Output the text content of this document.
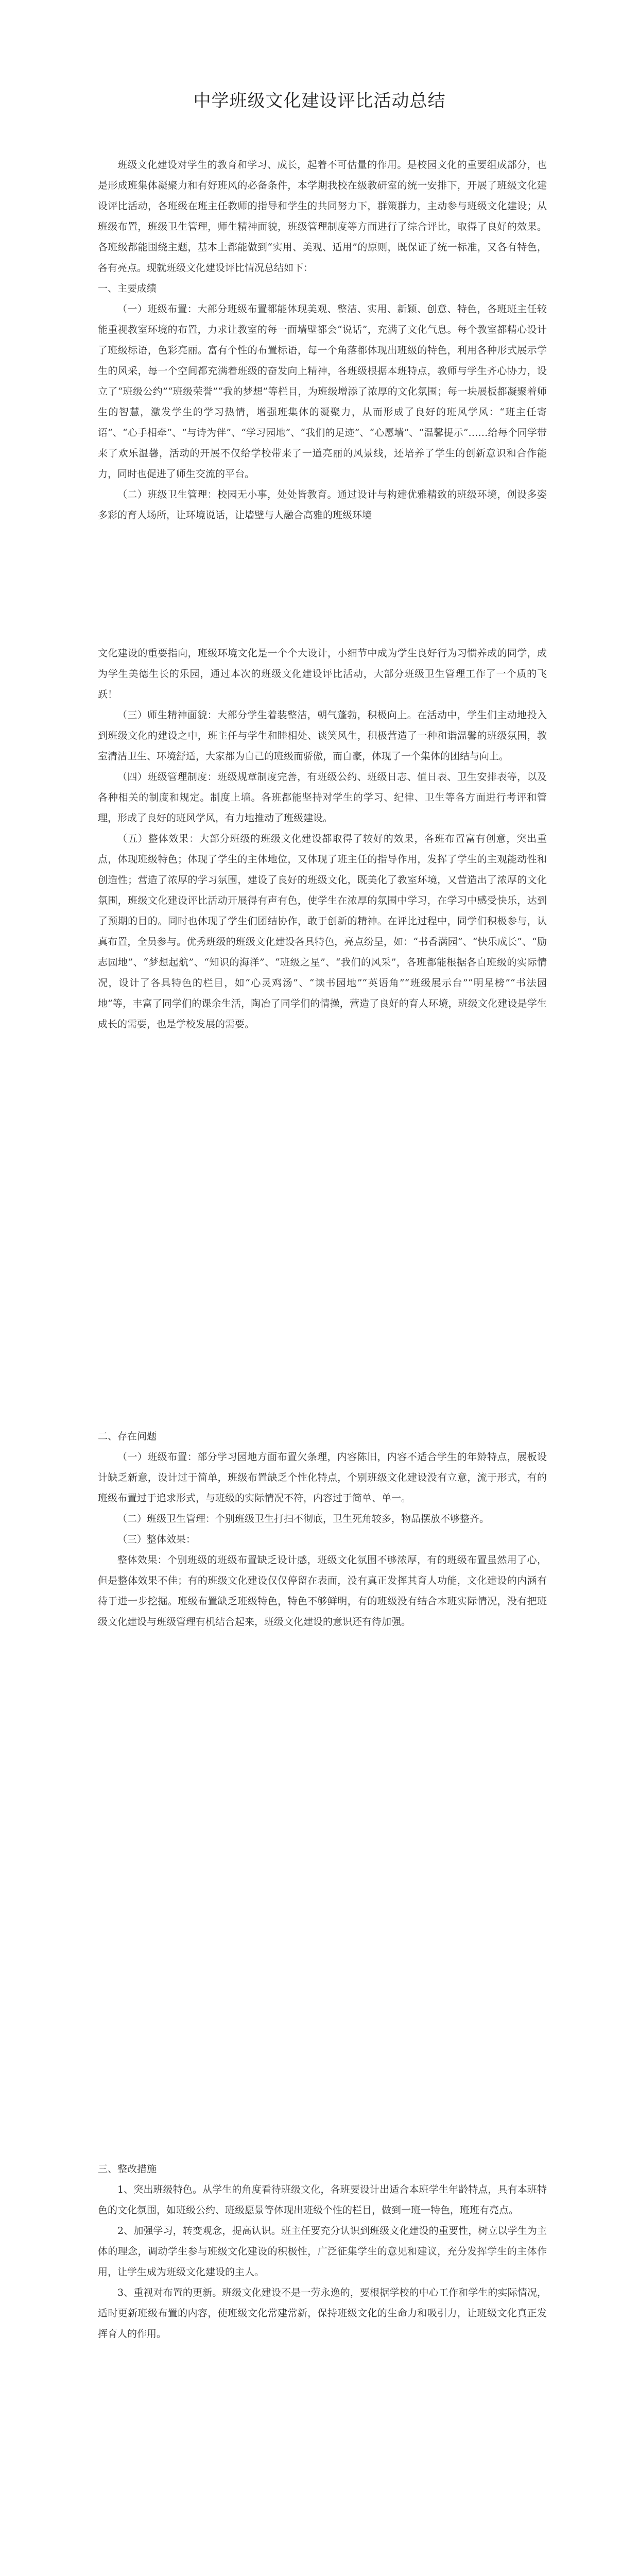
中学班级文化建设评比活动总结

班级文化建设对学生的教育和学习、成长，起着不可估量的作用。是校园文化的重要组成部分，也是形成班集体凝聚力和有好班风的必备条件，本学期我校在级教研室的统一安排下，开展了班级文化建设评比活动，各班级在班主任教师的指导和学生的共同努力下，群策群力，主动参与班级文化建设；从班级布置，班级卫生管理，师生精神面貌，班级管理制度等方面进行了综合评比，取得了良好的效果。各班级都能围绕主题，基本上都能做到“实用、美观、适用”的原则，既保证了统一标准，又各有特色，各有亮点。现就班级文化建设评比情况总结如下：

一、主要成绩

（一）班级布置：大部分班级布置都能体现美观、整洁、实用、新颖、创意、特色，各班班主任较能重视教室环境的布置，力求让教室的每一面墙壁都会“说话”，充满了文化气息。每个教室都精心设计了班级标语，色彩亮丽。富有个性的布置标语，每一个角落都体现出班级的特色，利用各种形式展示学生的风采，每一个空间都充满着班级的奋发向上精神，各班级根据本班特点，教师与学生齐心协力，设立了“班级公约”“班级荣誉”“我的梦想”等栏目，为班级增添了浓厚的文化氛围；每一块展板都凝聚着师生的智慧，激发学生的学习热情，增强班集体的凝聚力，从而形成了良好的班风学风：“班主任寄语”、“心手相牵”、“与诗为伴”、“学习园地”、“我们的足迹”、“心愿墙”、“温馨提示”……给每个同学带来了欢乐温馨，活动的开展不仅给学校带来了一道亮丽的风景线，还培养了学生的创新意识和合作能力，同时也促进了师生交流的平台。

（二）班级卫生管理：校园无小事，处处皆教育。通过设计与构建优雅精致的班级环境，创设多姿多彩的育人场所，让环境说话，让墙壁与人融合高雅的班级环境

文化建设的重要指向，班级环境文化是一个个大设计，小细节中成为学生良好行为习惯养成的同学，成为学生美德生长的乐园，通过本次的班级文化建设评比活动，大部分班级卫生管理工作了一个质的飞跃！

（三）师生精神面貌：大部分学生着装整洁，朝气蓬勃，积极向上。在活动中，学生们主动地投入到班级文化的建设之中，班主任与学生和睦相处、谈笑风生，积极营造了一种和谐温馨的班级氛围，教室清洁卫生、环境舒适，大家都为自己的班级而骄傲，而自豪，体现了一个集体的团结与向上。

（四）班级管理制度：班级规章制度完善，有班级公约、班级日志、值日表、卫生安排表等，以及各种相关的制度和规定。制度上墙。各班都能坚持对学生的学习、纪律、卫生等各方面进行考评和管理，形成了良好的班风学风，有力地推动了班级建设。

（五）整体效果：大部分班级的班级文化建设都取得了较好的效果，各班布置富有创意，突出重点，体现班级特色；体现了学生的主体地位，又体现了班主任的指导作用，发挥了学生的主观能动性和创造性；营造了浓厚的学习氛围，建设了良好的班级文化，既美化了教室环境，又营造出了浓厚的文化氛围，班级文化建设评比活动开展得有声有色，使学生在浓厚的氛围中学习，在学习中感受快乐，达到了预期的目的。同时也体现了学生们团结协作，敢于创新的精神。在评比过程中，同学们积极参与，认真布置，全员参与。优秀班级的班级文化建设各具特色，亮点纷呈，如：“书香满园”、“快乐成长”、“励志园地”、“梦想起航”、“知识的海洋”、“班级之星”、“我们的风采”，各班都能根据各自班级的实际情况，设计了各具特色的栏目，如“心灵鸡汤”、“读书园地”“英语角”“班级展示台”“明星榜”“书法园地”等，丰富了同学们的课余生活，陶冶了同学们的情操，营造了良好的育人环境，班级文化建设是学生成长的需要，也是学校发展的需要。

二、存在问题

（一）班级布置：部分学习园地方面布置欠条理，内容陈旧，内容不适合学生的年龄特点，展板设计缺乏新意，设计过于简单，班级布置缺乏个性化特点，个别班级文化建设没有立意，流于形式，有的班级布置过于追求形式，与班级的实际情况不符，内容过于简单、单一。

（二）班级卫生管理：个别班级卫生打扫不彻底，卫生死角较多，物品摆放不够整齐。

（三）整体效果：

整体效果：个别班级的班级布置缺乏设计感，班级文化氛围不够浓厚，有的班级布置虽然用了心，但是整体效果不佳；有的班级文化建设仅仅停留在表面，没有真正发挥其育人功能，文化建设的内涵有待于进一步挖掘。班级布置缺乏班级特色，特色不够鲜明，有的班级没有结合本班实际情况，没有把班级文化建设与班级管理有机结合起来，班级文化建设的意识还有待加强。

三、整改措施

1、突出班级特色。从学生的角度看待班级文化，各班要设计出适合本班学生年龄特点，具有本班特色的文化氛围，如班级公约、班级愿景等体现出班级个性的栏目，做到一班一特色，班班有亮点。

2、加强学习，转变观念，提高认识。班主任要充分认识到班级文化建设的重要性，树立以学生为主体的理念，调动学生参与班级文化建设的积极性，广泛征集学生的意见和建议，充分发挥学生的主体作用，让学生成为班级文化建设的主人。

3、重视对布置的更新。班级文化建设不是一劳永逸的，要根据学校的中心工作和学生的实际情况，适时更新班级布置的内容，使班级文化常建常新，保持班级文化的生命力和吸引力，让班级文化真正发挥育人的作用。
